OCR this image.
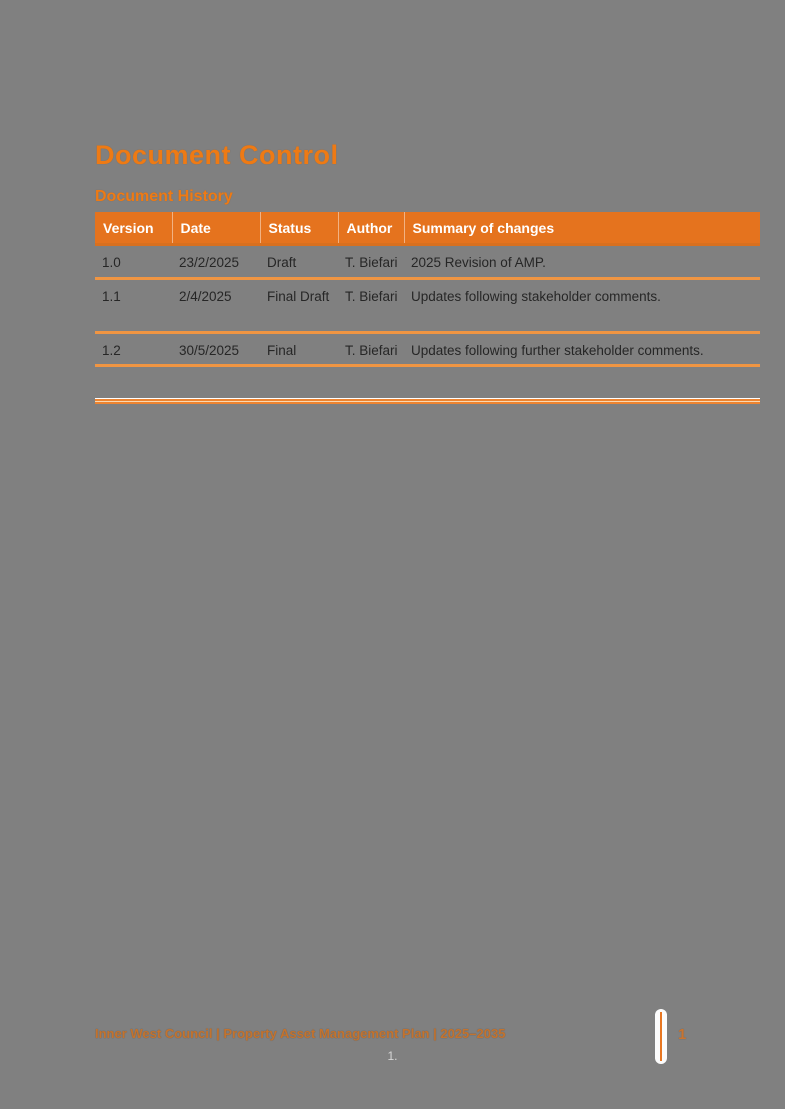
Document Control
Document History
Version	Date	Status	Author	Summary of changes
1.0	23/2/2025	Draft	T. Biefari	2025 Revision of AMP.
1.1	2/4/2025	Final Draft	T. Biefari	Updates following stakeholder comments.
1.2	30/5/2025	Final	T. Biefari	Updates following further stakeholder comments.

Inner West Council | Property Asset Management Plan | 2025–2035
1.
1
